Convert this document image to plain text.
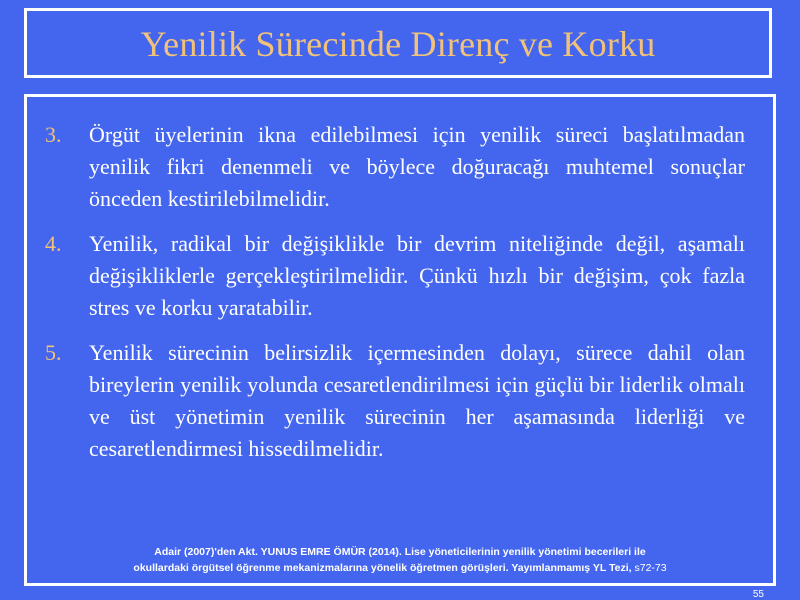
Yenilik Sürecinde Direnç ve Korku
3. Örgüt üyelerinin ikna edilebilmesi için yenilik süreci başlatılmadan yenilik fikri denenmeli ve böylece doğuracağı muhtemel sonuçlar önceden kestirilebilmelidir.
4. Yenilik, radikal bir değişiklikle bir devrim niteliğinde değil, aşamalı değişikliklerle gerçekleştirilmelidir. Çünkü hızlı bir değişim, çok fazla stres ve korku yaratabilir.
5. Yenilik sürecinin belirsizlik içermesinden dolayı, sürece dahil olan bireylerin yenilik yolunda cesaretlendirilmesi için güçlü bir liderlik olmalı ve üst yönetimin yenilik sürecinin her aşamasında liderliği ve cesaretlendirmesi hissedilmelidir.
Adair (2007)'den Akt. YUNUS EMRE ÖMÜR (2014). Lise yöneticilerinin yenilik yönetimi becerileri ile
okullardaki örgütsel öğrenme mekanizmalarına yönelik öğretmen görüşleri. Yayımlanmamış YL Tezi, s72-73
55
